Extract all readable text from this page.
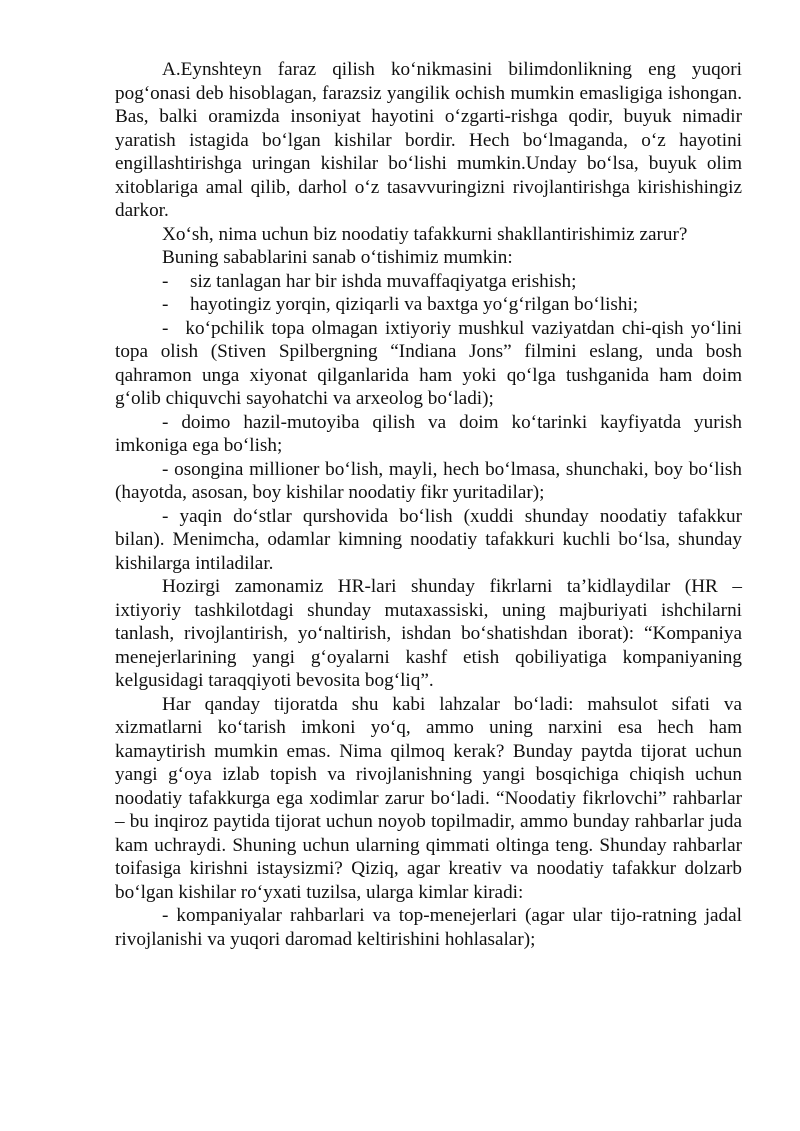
A.Eynshteyn faraz qilish ko‘nikmasini bilimdonlikning eng yuqori pog‘onasi deb hisoblagan, farazsiz yangilik ochish mumkin emasligiga ishongan. Bas, balki oramizda insoniyat hayotini o‘zgarti-rishga qodir, buyuk nimadir yaratish istagida bo‘lgan kishilar bordir. Hech bo‘lmaganda, o‘z hayotini engillashtirishga uringan kishilar bo‘lishi mumkin.Unday bo‘lsa, buyuk olim xitoblariga amal qilib, darhol o‘z tasavvuringizni rivojlantirishga kirishishingiz darkor.

Xo‘sh, nima uchun biz noodatiy tafakkurni shakllantirishimiz zarur?

Buning sabablarini sanab o‘tishimiz mumkin:

-	siz tanlagan har bir ishda muvaffaqiyatga erishish;

-	hayotingiz yorqin, qiziqarli va baxtga yo‘g‘rilgan bo‘lishi;

- ko‘pchilik topa olmagan ixtiyoriy mushkul vaziyatdan chi-qish yo‘lini topa olish (Stiven Spilbergning “Indiana Jons” filmini eslang, unda bosh qahramon unga xiyonat qilganlarida ham yoki qo‘lga tushganida ham doim g‘olib chiquvchi sayohatchi va arxeolog bo‘ladi);

- doimo hazil-mutoyiba qilish va doim ko‘tarinki kayfiyatda yurish imkoniga ega bo‘lish;

- osongina millioner bo‘lish, mayli, hech bo‘lmasa, shunchaki, boy bo‘lish (hayotda, asosan, boy kishilar noodatiy fikr yuritadilar);

- yaqin do‘stlar qurshovida bo‘lish (xuddi shunday noodatiy tafakkur bilan). Menimcha, odamlar kimning noodatiy tafakkuri kuchli bo‘lsa, shunday kishilarga intiladilar.

Hozirgi zamonamiz HR-lari shunday fikrlarni ta’kidlaydilar (HR – ixtiyoriy tashkilotdagi shunday mutaxassiski, uning majburiyati ishchilarni tanlash, rivojlantirish, yo‘naltirish, ishdan bo‘shatishdan iborat): “Kompaniya menejerlarining yangi g‘oyalarni kashf etish qobiliyatiga kompaniyaning kelgusidagi taraqqiyoti bevosita bog‘liq”.

Har qanday tijoratda shu kabi lahzalar bo‘ladi: mahsulot sifati va xizmatlarni ko‘tarish imkoni yo‘q, ammo uning narxini esa hech ham kamaytirish mumkin emas. Nima qilmoq kerak? Bunday paytda tijorat uchun yangi g‘oya izlab topish va rivojlanishning yangi bosqichiga chiqish uchun noodatiy tafakkurga ega xodimlar zarur bo‘ladi. “Noodatiy fikrlovchi” rahbarlar – bu inqiroz paytida tijorat uchun noyob topilmadir, ammo bunday rahbarlar juda kam uchraydi. Shuning uchun ularning qimmati oltinga teng. Shunday rahbarlar toifasiga kirishni istaysizmi? Qiziq, agar kreativ va noodatiy tafakkur dolzarb bo‘lgan kishilar ro‘yxati tuzilsa, ularga kimlar kiradi:

- kompaniyalar rahbarlari va top-menejerlari (agar ular tijo-ratning jadal rivojlanishi va yuqori daromad keltirishini hohlasalar);
